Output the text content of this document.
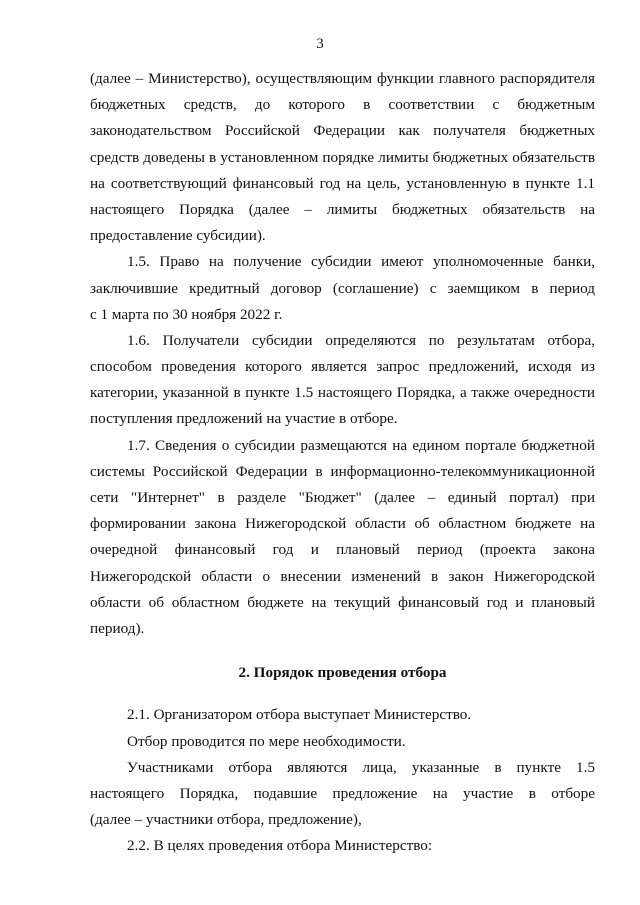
3
(далее – Министерство), осуществляющим функции главного распорядителя
бюджетных средств, до которого в соответствии с бюджетным
законодательством Российской Федерации как получателя бюджетных
средств доведены в установленном порядке лимиты бюджетных обязательств
на соответствующий финансовый год на цель, установленную в пункте 1.1
настоящего Порядка (далее – лимиты бюджетных обязательств на
предоставление субсидии).
1.5. Право на получение субсидии имеют уполномоченные банки,
заключившие кредитный договор (соглашение) с заемщиком в период
с 1 марта по 30 ноября 2022 г.
1.6. Получатели субсидии определяются по результатам отбора,
способом проведения которого является запрос предложений, исходя из
категории, указанной в пункте 1.5 настоящего Порядка, а также очередности
поступления предложений на участие в отборе.
1.7. Сведения о субсидии размещаются на едином портале бюджетной
системы Российской Федерации в информационно-телекоммуникационной
сети "Интернет" в разделе "Бюджет" (далее – единый портал) при
формировании закона Нижегородской области об областном бюджете на
очередной финансовый год и плановый период (проекта закона
Нижегородской области о внесении изменений в закон Нижегородской
области об областном бюджете на текущий финансовый год и плановый
период).
2. Порядок проведения отбора
2.1. Организатором отбора выступает Министерство.
Отбор проводится по мере необходимости.
Участниками отбора являются лица, указанные в пункте 1.5
настоящего Порядка, подавшие предложение на участие в отборе
(далее – участники отбора, предложение),
2.2. В целях проведения отбора Министерство:
